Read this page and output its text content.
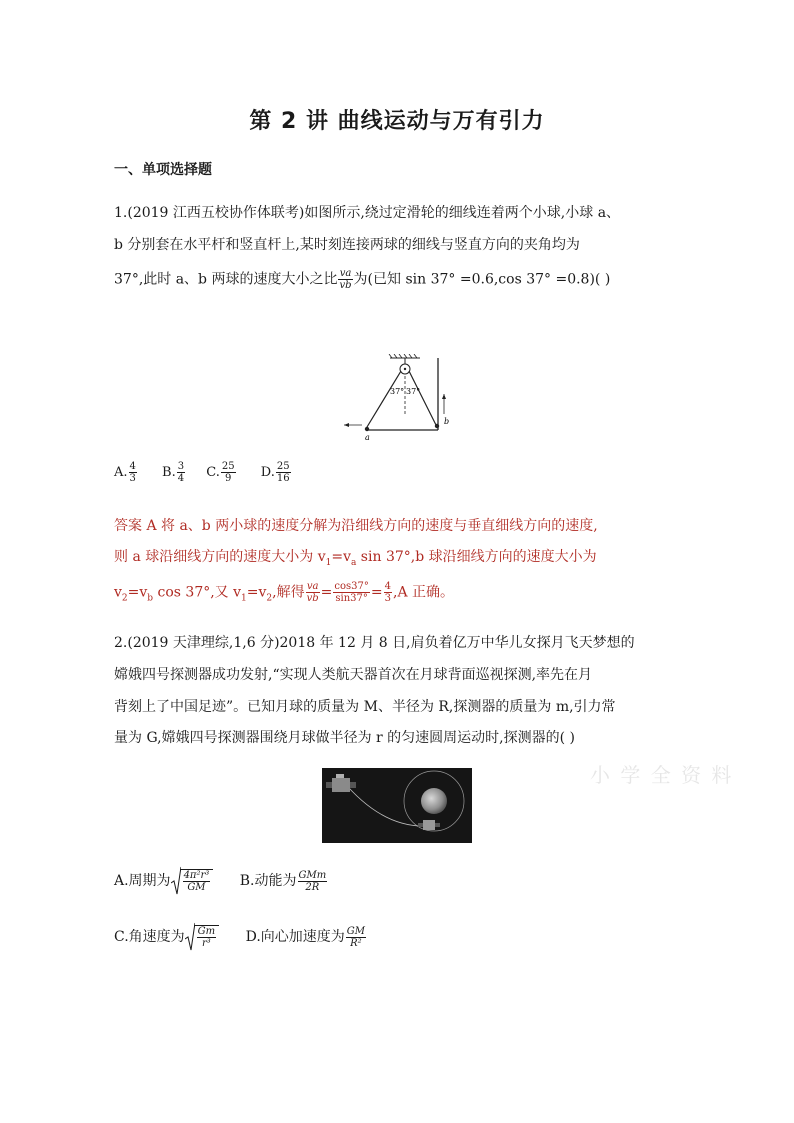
第 2 讲 曲线运动与万有引力
一、单项选择题
1.(2019 江西五校协作体联考)如图所示,绕过定滑轮的细线连着两个小球,小球 a、
b 分别套在水平杆和竖直杆上,某时刻连接两球的细线与竖直方向的夹角均为
37°,此时 a、b 两球的速度大小之比 $\frac{va}{vb}$ 为(已知 sin 37° =0.6,cos 37° =0.8)( )
37° 37°
a
b
A. $\frac{4}{3} B$. $\frac{3}{4} C$. $\frac{25}{9} D$. $\frac{25}{16}$
答案 A 将 a、b 两小球的速度分解为沿细线方向的速度与垂直细线方向的速度,
则 a 球沿细线方向的速度大小为 $v_1=v_a$ sin 37°,b 球沿细线方向的速度大小为
$v_2=v_b$ cos 37°,又 $v_1=v_2$,解得 $\frac{va}{vb} = \frac{\cos 37^\circ}{\sin 37^\circ} = \frac{4}{3} ,A$ 正确。
2.(2019 天津理综,1,6 分)2018 年 12 月 8 日,肩负着亿万中华儿女探月飞天梦想的
嫦娥四号探测器成功发射,“实现人类航天器首次在月球背面巡视探测,率先在月
背刻上了中国足迹”。已知月球的质量为 M、半径为 R,探测器的质量为 m,引力常
量为 G,嫦娥四号探测器围绕月球做半径为 r 的匀速圆周运动时,探测器的( )
小 学 全 资 料
A.周期为 $\frac{\text{4π²r³}}{GM} B$.动能为 $\frac{\text{GMm}}{2R}$
C.角速度为 $\frac{Gm}{\text{r³}} D$.向心加速度为 $\frac{GM}{\text{R²}}$
